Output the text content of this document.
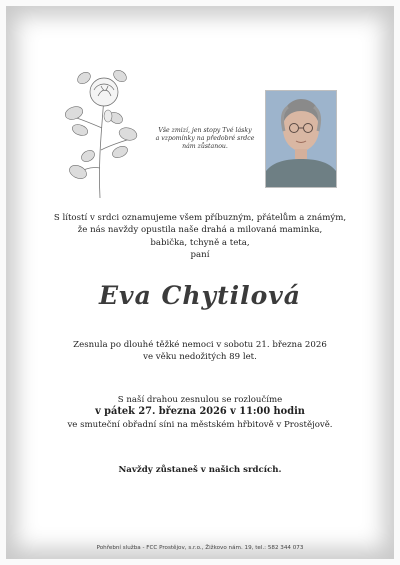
Vše zmizí, jen stopy Tvé lásky
a vzpomínky na předobré srdce
nám zůstanou.
S lítostí v srdci oznamujeme všem příbuzným, přátelům a známým,
že nás navždy opustila naše drahá a milovaná maminka,
babička, tchyně a teta,
paní
Eva Chytilová
Zesnula po dlouhé těžké nemoci v sobotu 21. března 2026
ve věku nedožitých 89 let.
S naší drahou zesnulou se rozloučíme
v pátek 27. března 2026 v 11:00 hodin
ve smuteční obřadní síni na městském hřbitově v Prostějově.
Navždy zůstaneš v našich srdcích.
Pohřební služba - FCC Prostějov, s.r.o., Žižkovo nám. 19, tel.: 582 344 073
